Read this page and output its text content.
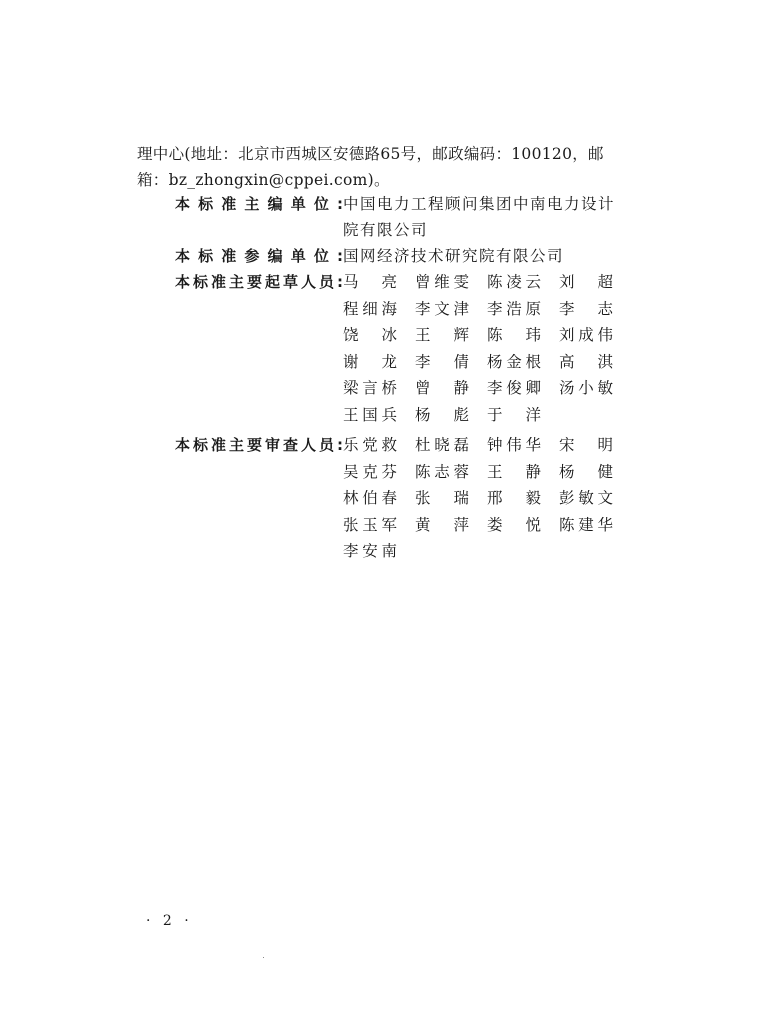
理中心(地址：北京市西城区安德路65号，邮政编码：100120，邮

箱：bz_zhongxin@cppei.com)。

本 标 准 主 编 单 位 : 中国电力工程顾问集团中南电力设计
院有限公司
本 标 准 参 编 单 位 : 国网经济技术研究院有限公司
本 标 准 主 要 起 草 人 员 : 马 亮 曾 维 雯 陈 凌 云 刘 超
程 细 海 李 文 津 李 浩 原 李 志
饶 冰 王 辉 陈 玮 刘 成 伟
谢 龙 李 倩 杨 金 根 高 淇
梁 言 桥 曾 静 李 俊 卿 汤 小 敏
王 国 兵 杨 彪 于 洋
本 标 准 主 要 审 查 人 员 : 乐 党 救 杜 晓 磊 钟 伟 华 宋 明
吴 克 芬 陈 志 蓉 王 静 杨 健
林 伯 春 张 瑞 邢 毅 彭 敏 文
张 玉 军 黄 萍 娄 悦 陈 建 华
李 安 南
· 2 ·
